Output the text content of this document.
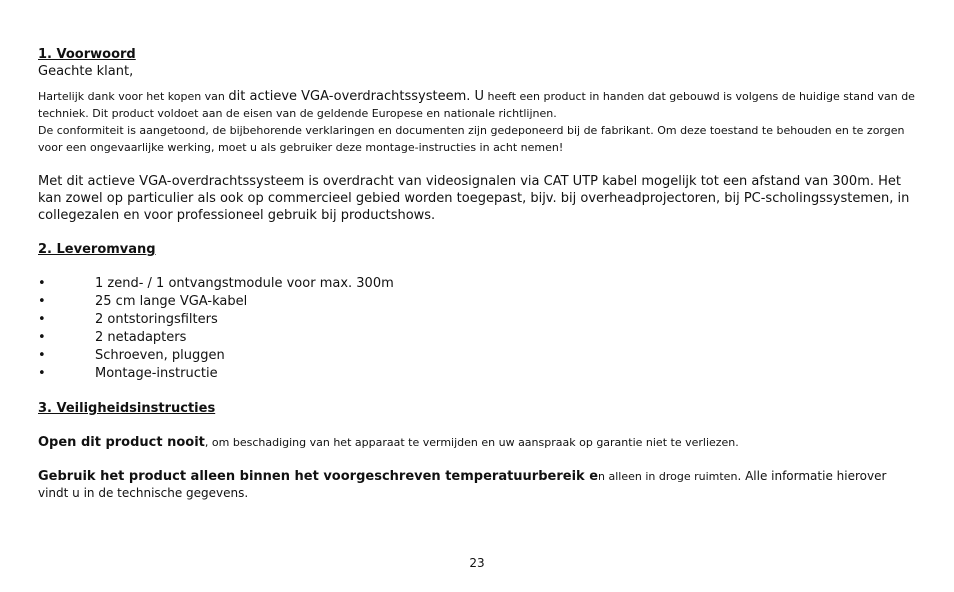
1. Voorwoord

Geachte klant,

Hartelijk dank voor het kopen van dit actieve VGA-overdrachtssysteem. U heeft een product in handen dat gebouwd is volgens de huidige stand van de techniek. Dit product voldoet aan de eisen van de geldende Europese en nationale richtlijnen.

De conformiteit is aangetoond, de bijbehorende verklaringen en documenten zijn gedeponeerd bij de fabrikant. Om deze toestand te behouden en te zorgen voor een ongevaarlijke werking, moet u als gebruiker deze montage-instructies in acht nemen!

Met dit actieve VGA-overdrachtssysteem is overdracht van videosignalen via CAT UTP kabel mogelijk tot een afstand van 300m. Het kan zowel op particulier als ook op commercieel gebied worden toegepast, bijv. bij overheadprojectoren, bij PC-scholingssystemen, in collegezalen en voor professioneel gebruik bij productshows.

2. Leveromvang

•	1 zend- / 1 ontvangstmodule voor max. 300m
•	25 cm lange VGA-kabel
•	2 ontstoringsfilters
•	2 netadapters
•	Schroeven, pluggen
•	Montage-instructie

3. Veiligheidsinstructies

Open dit product nooit, om beschadiging van het apparaat te vermijden en uw aanspraak op garantie niet te verliezen.

Gebruik het product alleen binnen het voorgeschreven temperatuurbereik en alleen in droge ruimten. Alle informatie hierover vindt u in de technische gegevens.

23
